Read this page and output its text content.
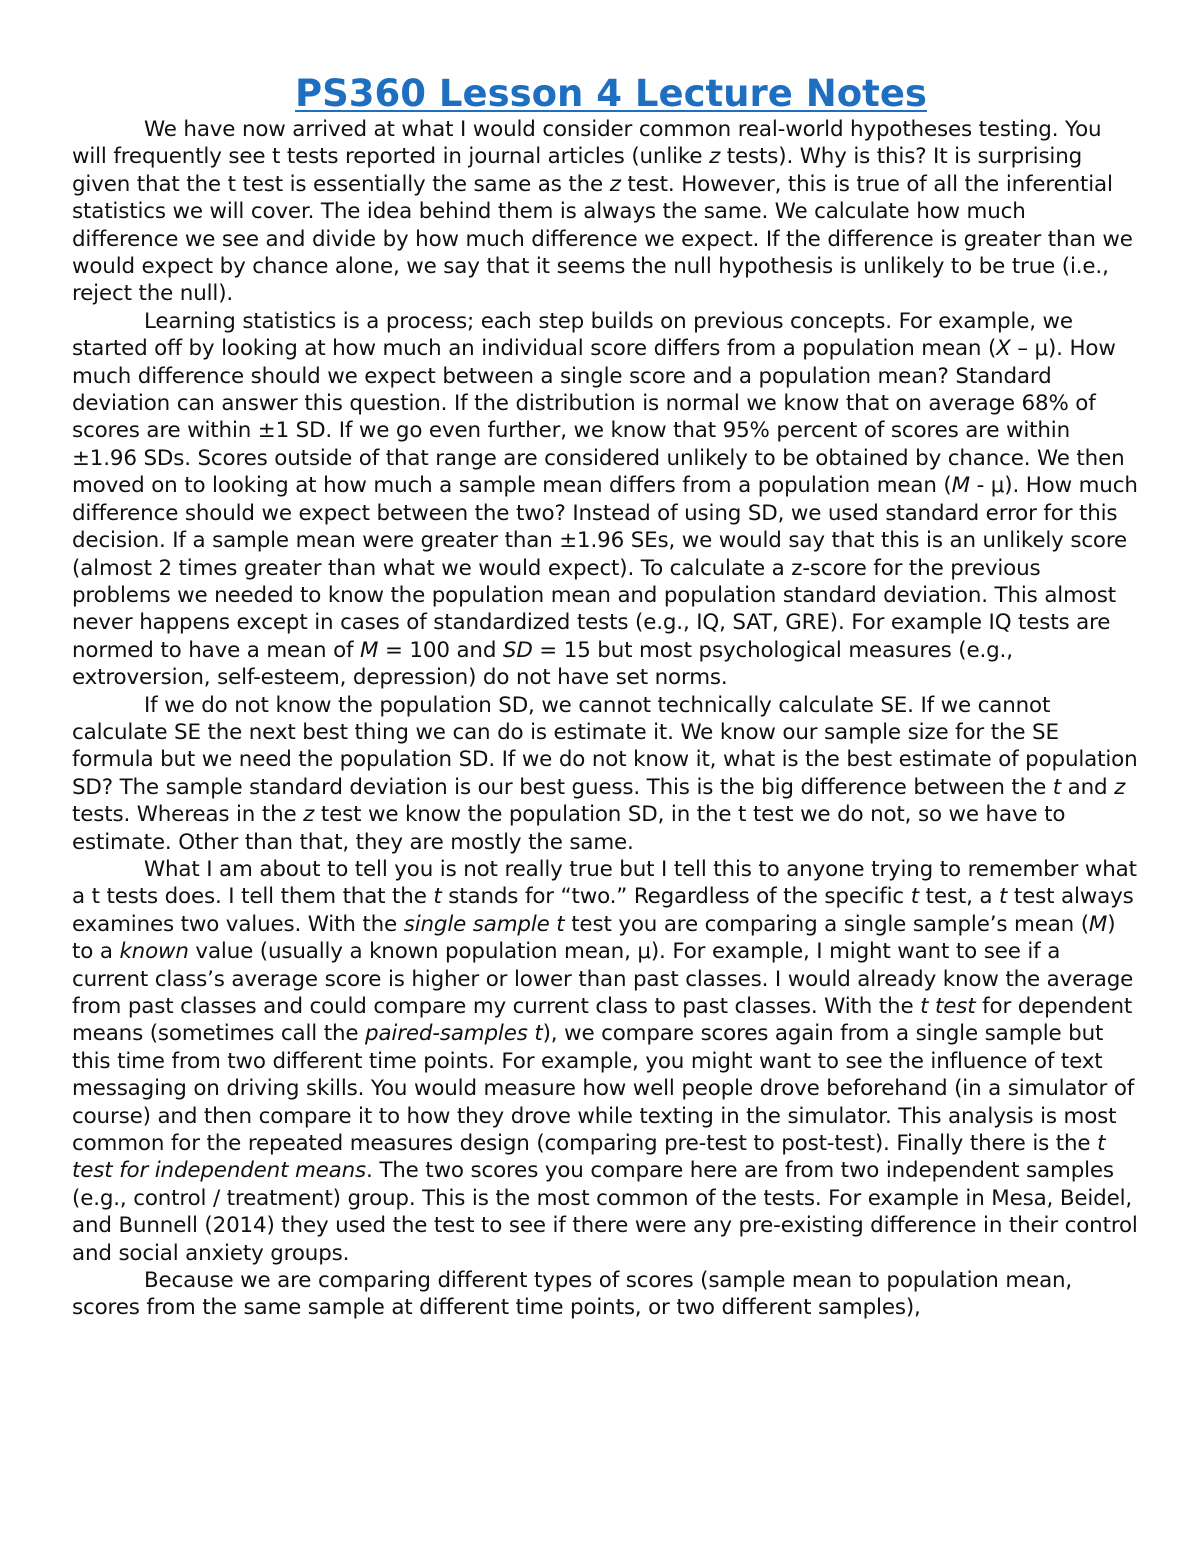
PS360 Lesson 4 Lecture Notes

We have now arrived at what I would consider common real-world hypotheses testing. You will frequently see t tests reported in journal articles (unlike z tests). Why is this? It is surprising given that the t test is essentially the same as the z test. However, this is true of all the inferential statistics we will cover. The idea behind them is always the same. We calculate how much difference we see and divide by how much difference we expect. If the difference is greater than we would expect by chance alone, we say that it seems the null hypothesis is unlikely to be true (i.e., reject the null).

Learning statistics is a process; each step builds on previous concepts. For example, we started off by looking at how much an individual score differs from a population mean (X – μ). How much difference should we expect between a single score and a population mean? Standard deviation can answer this question. If the distribution is normal we know that on average 68% of scores are within ±1 SD. If we go even further, we know that 95% percent of scores are within ±1.96 SDs. Scores outside of that range are considered unlikely to be obtained by chance. We then moved on to looking at how much a sample mean differs from a population mean (M - μ). How much difference should we expect between the two? Instead of using SD, we used standard error for this decision. If a sample mean were greater than ±1.96 SEs, we would say that this is an unlikely score (almost 2 times greater than what we would expect). To calculate a z-score for the previous problems we needed to know the population mean and population standard deviation. This almost never happens except in cases of standardized tests (e.g., IQ, SAT, GRE). For example IQ tests are normed to have a mean of M = 100 and SD = 15 but most psychological measures (e.g., extroversion, self-esteem, depression) do not have set norms.

If we do not know the population SD, we cannot technically calculate SE. If we cannot calculate SE the next best thing we can do is estimate it. We know our sample size for the SE formula but we need the population SD. If we do not know it, what is the best estimate of population SD? The sample standard deviation is our best guess. This is the big difference between the t and z tests. Whereas in the z test we know the population SD, in the t test we do not, so we have to estimate. Other than that, they are mostly the same.

What I am about to tell you is not really true but I tell this to anyone trying to remember what a t tests does. I tell them that the t stands for “two.” Regardless of the specific t test, a t test always examines two values. With the single sample t test you are comparing a single sample’s mean (M) to a known value (usually a known population mean, μ). For example, I might want to see if a current class’s average score is higher or lower than past classes. I would already know the average from past classes and could compare my current class to past classes. With the t test for dependent means (sometimes call the paired-samples t), we compare scores again from a single sample but this time from two different time points. For example, you might want to see the influence of text messaging on driving skills. You would measure how well people drove beforehand (in a simulator of course) and then compare it to how they drove while texting in the simulator. This analysis is most common for the repeated measures design (comparing pre-test to post-test). Finally there is the t test for independent means. The two scores you compare here are from two independent samples (e.g., control / treatment) group. This is the most common of the tests. For example in Mesa, Beidel, and Bunnell (2014) they used the test to see if there were any pre-existing difference in their control and social anxiety groups.

Because we are comparing different types of scores (sample mean to population mean, scores from the same sample at different time points, or two different samples),
